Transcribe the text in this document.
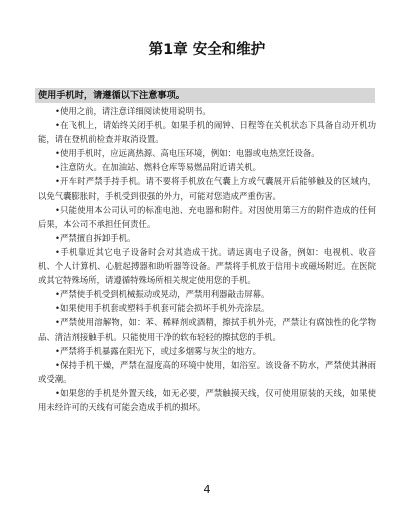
第1章 安全和维护
使用手机时，请遵循以下注意事项。

•使用之前，请注意详细阅读使用说明书。

•在飞机上，请始终关闭手机。如果手机的闹钟、日程等在关机状态下具备自动开机功能，请在登机前检查并取消设置。

•使用手机时，应远离热源、高电压环境，例如：电器或电热烹饪设备。

•注意防火。在加油站、燃料仓库等易燃品附近请关机。

•开车时严禁手持手机。请不要将手机放在气囊上方或气囊展开后能够触及的区域内，以免气囊膨胀时，手机受到很强的外力，可能对您造成严重伤害。

•只能使用本公司认可的标准电池、充电器和附件。对因使用第三方的附件造成的任何后果，本公司不承担任何责任。

•严禁擅自拆卸手机。

•手机靠近其它电子设备时会对其造成干扰。请远离电子设备，例如：电视机、收音机、个人计算机、心脏起搏器和助听器等设备。严禁将手机放于信用卡或磁场附近。在医院或其它特殊场所，请遵循特殊场所相关规定使用您的手机。

•严禁使手机受到机械振动或晃动，严禁用利器敲击屏幕。

•如果使用手机套或塑料手机套可能会损坏手机外壳涂层。

•严禁使用溶解物，如：苯、稀释剂或酒精，擦拭手机外壳，严禁让有腐蚀性的化学物品、清洁剂接触手机。只能使用干净的软布轻轻的擦拭您的手机。

•严禁将手机暴露在阳光下，或过多烟雾与灰尘的地方。

•保持手机干燥，严禁在湿度高的环境中使用，如浴室。该设备不防水，严禁使其淋雨或受潮。

•如果您的手机是外置天线，如无必要，严禁触摸天线，仅可使用原装的天线，如果使用未经许可的天线有可能会造成手机的损坏。

4
